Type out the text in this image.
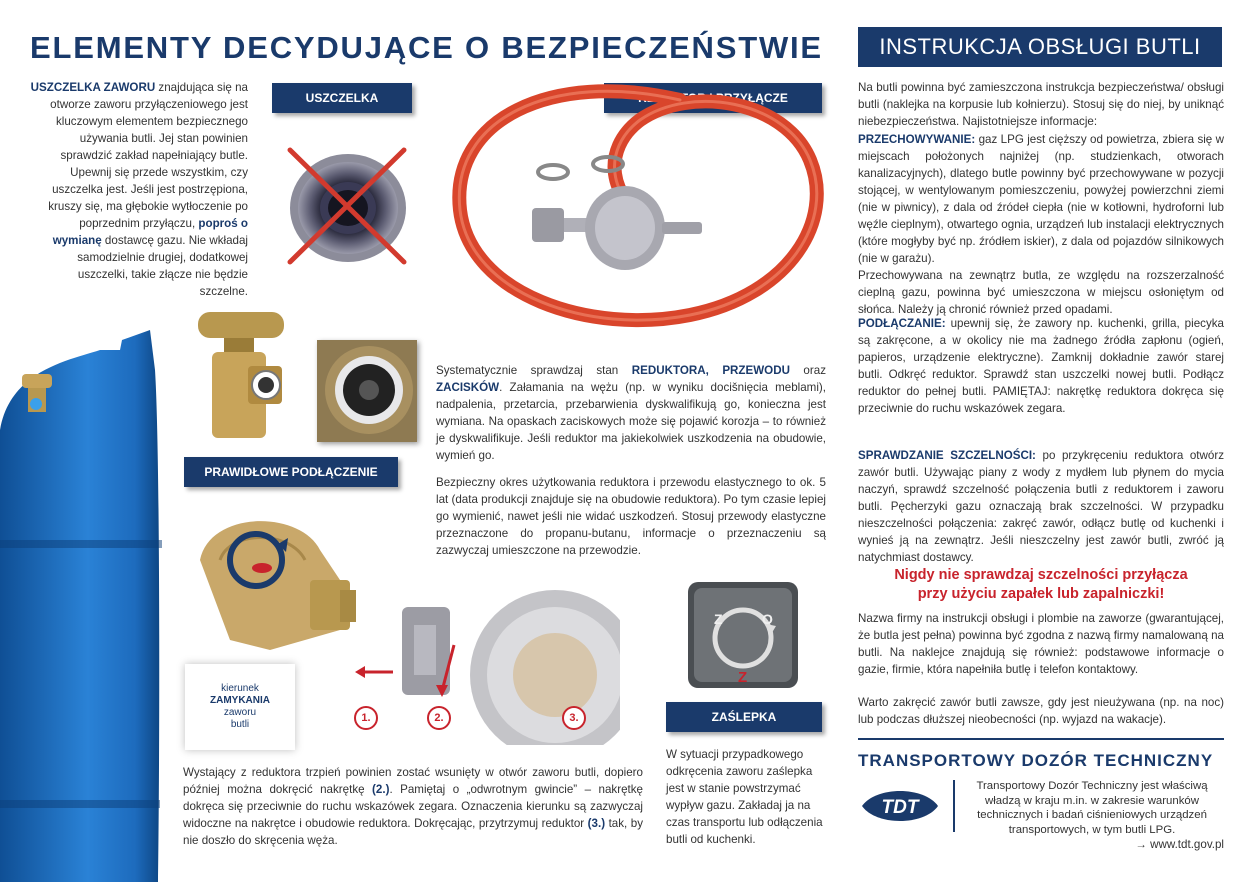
ELEMENTY DECYDUJĄCE O BEZPIECZEŃSTWIE
USZCZELKA ZAWORU znajdująca się na otworze zaworu przyłączeniowego jest kluczowym elementem bezpiecznego używania butli. Jej stan powinien sprawdzić zakład napełniający butle. Upewnij się przede wszystkim, czy uszczelka jest. Jeśli jest postrzępiona, kruszy się, ma głębokie wytłoczenie po poprzednim przyłączu, poproś o wymianę dostawcę gazu. Nie wkładaj samodzielnie drugiej, dodatkowej uszczelki, takie złącze nie będzie szczelne.
USZCZELKA	REDUKTOR I PRZYŁĄCZE
Systematycznie sprawdzaj stan REDUKTORA, PRZEWODU oraz ZACISKÓW. Załamania na wężu (np. w wyniku docišnięcia meblami), nadpalenia, przetarcia, przebarwienia dyskwalifikują go, konieczna jest wymiana. Na opaskach zaciskowych może się pojawić korozja – to również je dyskwalifikuje. Jeśli reduktor ma jakiekolwiek uszkodzenia na obudowie, wymień go.
Bezpieczny okres użytkowania reduktora i przewodu elastycznego to ok. 5 lat (data produkcji znajduje się na obudowie reduktora). Po tym czasie lepiej go wymienić, nawet jeśli nie widać uszkodzeń. Stosuj przewody elastyczne przeznaczone do propanu-butanu, informacje o przeznaczeniu są zazwyczaj umieszczone na przewodzie.
PRAWIDŁOWE PODŁĄCZENIE
1.	2.	3.
kierunek
ZAMYKANIA
zaworu
butli
Z	O
Z
ZAŚLEPKA
Wystający z reduktora trzpień powinien zostać wsunięty w otwór zaworu butli, dopiero później można dokręcić nakrętkę (2.). Pamiętaj o „odwrotnym gwincie” – nakrętkę dokręca się przeciwnie do ruchu wskazówek zegara. Oznaczenia kierunku są zazwyczaj widoczne na nakrętce i obudowie reduktora. Dokręcając, przytrzymuj reduktor (3.) tak, by nie doszło do skręcenia węża.
W sytuacji przypadkowego odkręcenia zaworu zaślepka jest w stanie powstrzymać wypływ gazu. Zakładaj ja na czas transportu lub odłączenia butli od kuchenki.
INSTRUKCJA OBSŁUGI BUTLI
Na butli powinna być zamieszczona instrukcja bezpieczeństwa/ obsługi butli (naklejka na korpusie lub kołnierzu). Stosuj się do niej, by uniknąć niebezpieczeństwa. Najistotniejsze informacje:
PRZECHOWYWANIE: gaz LPG jest cięższy od powietrza, zbiera się w miejscach położonych najniżej (np. studzienkach, otworach kanalizacyjnych), dlatego butle powinny być przechowywane w pozycji stojącej, w wentylowanym pomieszczeniu, powyżej powierzchni ziemi (nie w piwnicy), z dala od źródeł ciepła (nie w kotłowni, hydroforni lub węźle cieplnym), otwartego ognia, urządzeń lub instalacji elektrycznych (które mogłyby być np. źródłem iskier), z dala od pojazdów silnikowych (nie w garażu).
Przechowywana na zewnątrz butla, ze względu na rozszerzalność cieplną gazu, powinna być umieszczona w miejscu osłoniętym od słońca. Należy ją chronić również przed opadami.
PODŁĄCZANIE: upewnij się, że zawory np. kuchenki, grilla, piecyka są zakręcone, a w okolicy nie ma żadnego źródła zapłonu (ogień, papieros, urządzenie elektryczne). Zamknij dokładnie zawór starej butli. Odkręć reduktor. Sprawdź stan uszczelki nowej butli. Podłącz reduktor do pełnej butli. PAMIĘTAJ: nakrętkę reduktora dokręca się przeciwnie do ruchu wskazówek zegara.
SPRAWDZANIE SZCZELNOŚCI: po przykręceniu reduktora otwórz zawór butli. Używając piany z wody z mydłem lub płynem do mycia naczyń, sprawdź szczelność połączenia butli z reduktorem i zaworu butli. Pęcherzyki gazu oznaczają brak szczelności. W przypadku nieszczelności połączenia: zakręć zawór, odłącz butlę od kuchenki i wynieś ją na zewnątrz. Jeśli nieszczelny jest zawór butli, zwróć ją natychmiast dostawcy.
Nigdy nie sprawdzaj szczelności przyłącza
przy użyciu zapałek lub zapalniczki!
Nazwa firmy na instrukcji obsługi i plombie na zaworze (gwarantującej, że butla jest pełna) powinna być zgodna z nazwą firmy namalowaną na butli. Na naklejce znajdują się również: podstawowe informacje o gazie, firmie, która napełniła butlę i telefon kontaktowy.
Warto zakręcić zawór butli zawsze, gdy jest nieużywana (np. na noc) lub podczas dłuższej nieobecności (np. wyjazd na wakacje).
TRANSPORTOWY DOZÓR TECHNICZNY
TDT
Transportowy Dozór Techniczny jest właściwą władzą w kraju m.in. w zakresie warunków technicznych i badań ciśnieniowych urządzeń transportowych, w tym butli LPG.
→ www.tdt.gov.pl
